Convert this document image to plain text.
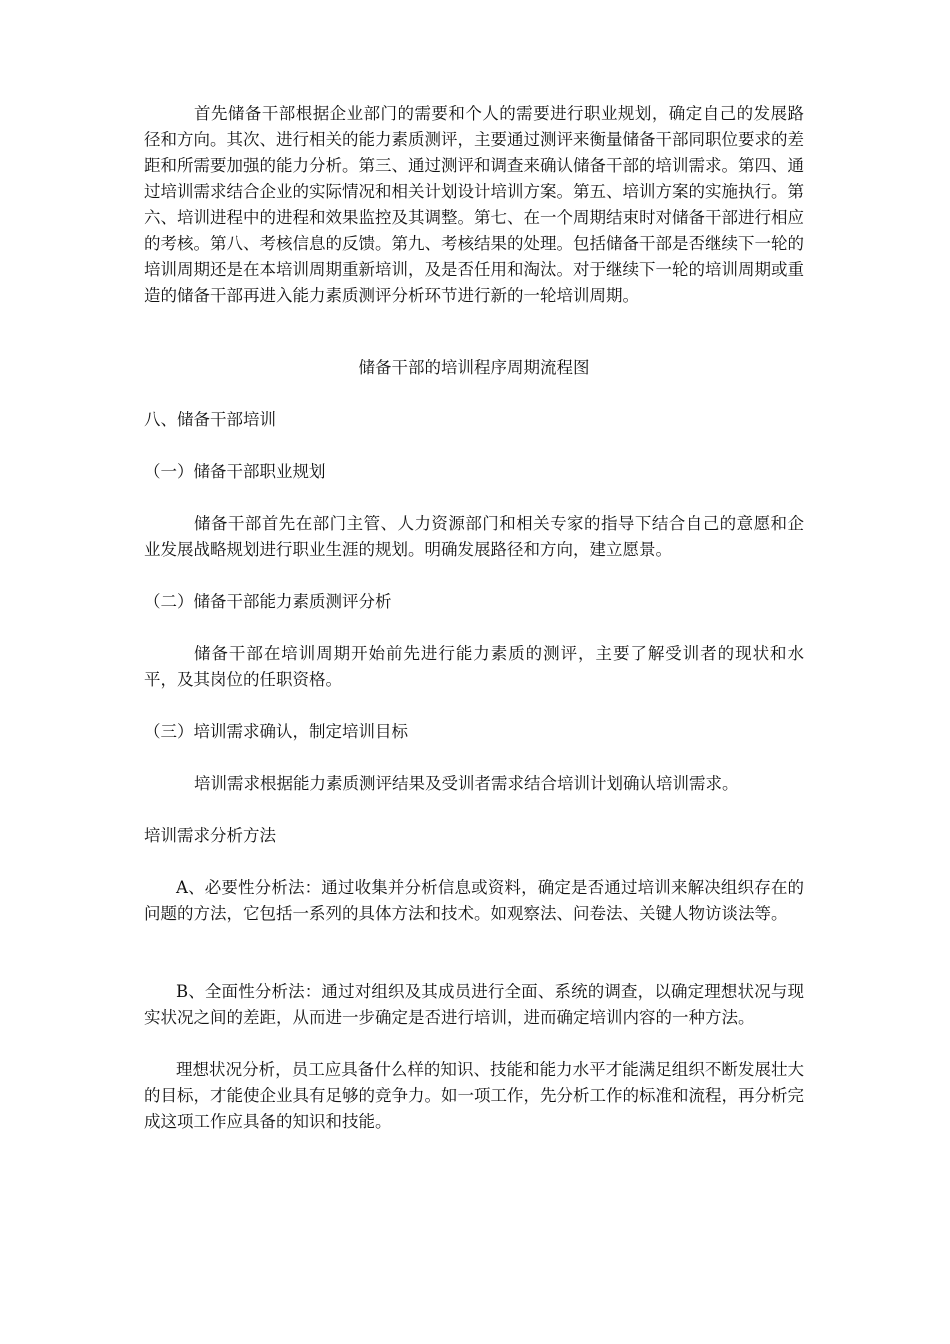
首先储备干部根据企业部门的需要和个人的需要进行职业规划，确定自己的发展路径和方向。其次、进行相关的能力素质测评，主要通过测评来衡量储备干部同职位要求的差距和所需要加强的能力分析。第三、通过测评和调查来确认储备干部的培训需求。第四、通过培训需求结合企业的实际情况和相关计划设计培训方案。第五、培训方案的实施执行。第六、培训进程中的进程和效果监控及其调整。第七、在一个周期结束时对储备干部进行相应的考核。第八、考核信息的反馈。第九、考核结果的处理。包括储备干部是否继续下一轮的培训周期还是在本培训周期重新培训，及是否任用和淘汰。对于继续下一轮的培训周期或重造的储备干部再进入能力素质测评分析环节进行新的一轮培训周期。

储备干部的培训程序周期流程图

八、储备干部培训

（一）储备干部职业规划

储备干部首先在部门主管、人力资源部门和相关专家的指导下结合自己的意愿和企业发展战略规划进行职业生涯的规划。明确发展路径和方向，建立愿景。

（二）储备干部能力素质测评分析

储备干部在培训周期开始前先进行能力素质的测评，主要了解受训者的现状和水平，及其岗位的任职资格。

（三）培训需求确认，制定培训目标

培训需求根据能力素质测评结果及受训者需求结合培训计划确认培训需求。

培训需求分析方法

A、必要性分析法：通过收集并分析信息或资料，确定是否通过培训来解决组织存在的问题的方法，它包括一系列的具体方法和技术。如观察法、问卷法、关键人物访谈法等。

B、全面性分析法：通过对组织及其成员进行全面、系统的调查，以确定理想状况与现实状况之间的差距，从而进一步确定是否进行培训，进而确定培训内容的一种方法。

理想状况分析，员工应具备什么样的知识、技能和能力水平才能满足组织不断发展壮大的目标，才能使企业具有足够的竞争力。如一项工作，先分析工作的标准和流程，再分析完成这项工作应具备的知识和技能。
